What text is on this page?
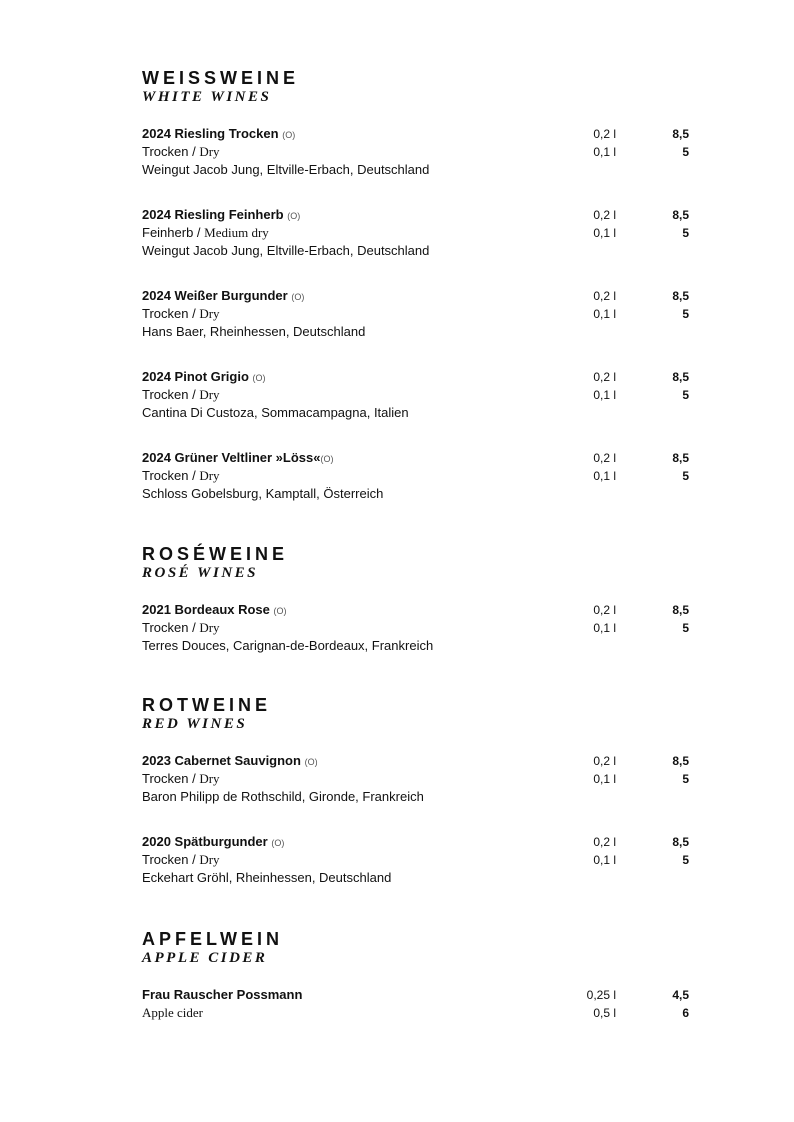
WEISSWEINE
WHITE WINES
2024 Riesling Trocken (O)	0,2 l	8,5
Trocken / Dry	0,1 l	5
Weingut Jacob Jung, Eltville-Erbach, Deutschland
2024 Riesling Feinherb (O)	0,2 l	8,5
Feinherb / Medium dry	0,1 l	5
Weingut Jacob Jung, Eltville-Erbach, Deutschland
2024 Weißer Burgunder (O)	0,2 l	8,5
Trocken / Dry	0,1 l	5
Hans Baer, Rheinhessen, Deutschland
2024 Pinot Grigio (O)	0,2 l	8,5
Trocken / Dry	0,1 l	5
Cantina Di Custoza, Sommacampagna, Italien
2024 Grüner Veltliner »Löss«(O)	0,2 l	8,5
Trocken / Dry	0,1 l	5
Schloss Gobelsburg, Kamptall, Österreich
ROSÉWEINE
ROSÉ WINES
2021 Bordeaux Rose (O)	0,2 l	8,5
Trocken / Dry	0,1 l	5
Terres Douces, Carignan-de-Bordeaux, Frankreich
ROTWEINE
RED WINES
2023 Cabernet Sauvignon (O)	0,2 l	8,5
Trocken / Dry	0,1 l	5
Baron Philipp de Rothschild, Gironde, Frankreich
2020 Spätburgunder (O)	0,2 l	8,5
Trocken / Dry	0,1 l	5
Eckehart Gröhl, Rheinhessen, Deutschland
APFELWEIN
APPLE CIDER
Frau Rauscher Possmann	0,25 l	4,5
Apple cider	0,5 l	6
